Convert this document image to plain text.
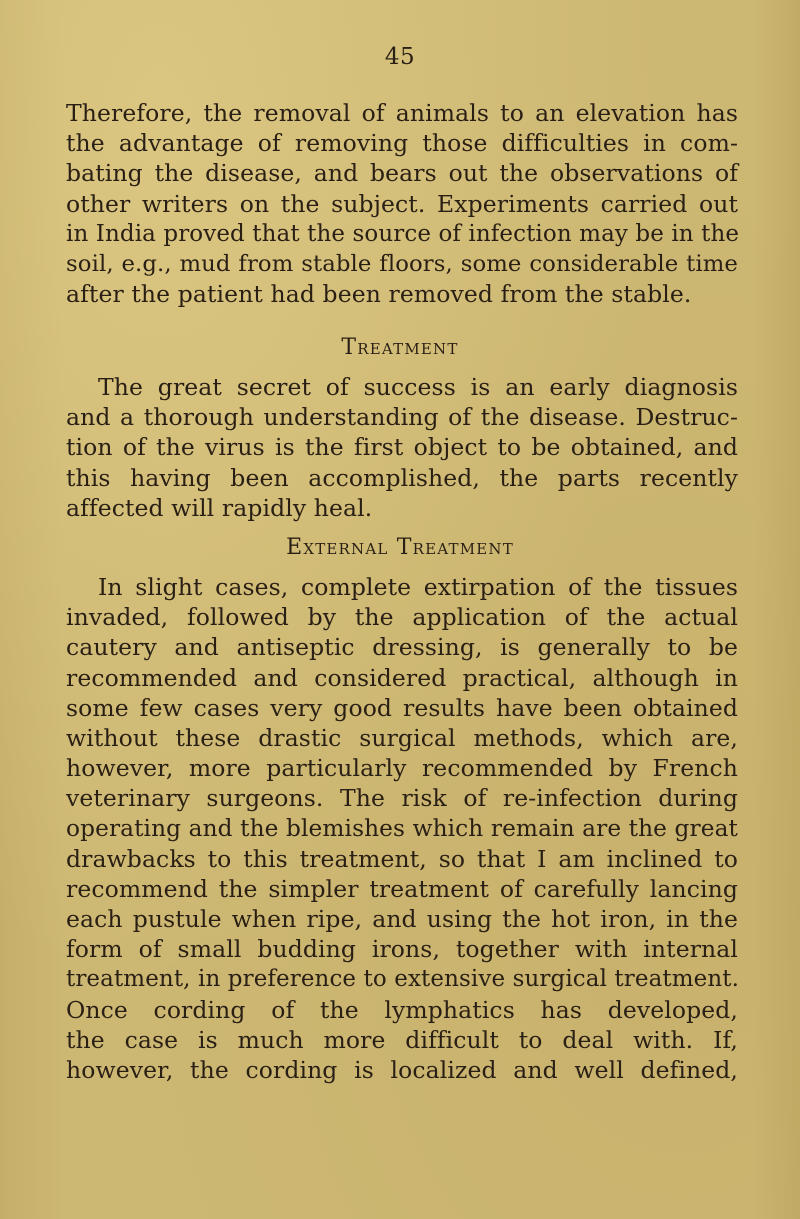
45
Therefore, the removal of animals to an elevation has
the advantage of removing those difficulties in com-
bating the disease, and bears out the observations of
other writers on the subject. Experiments carried out
in India proved that the source of infection may be in the
soil, e.g., mud from stable floors, some considerable time
after the patient had been removed from the stable.
Treatment
The great secret of success is an early diagnosis
and a thorough understanding of the disease. Destruc-
tion of the virus is the first object to be obtained, and
this having been accomplished, the parts recently
affected will rapidly heal.
External Treatment
In slight cases, complete extirpation of the tissues
invaded, followed by the application of the actual
cautery and antiseptic dressing, is generally to be
recommended and considered practical, although in
some few cases very good results have been obtained
without these drastic surgical methods, which are,
however, more particularly recommended by French
veterinary surgeons. The risk of re-infection during
operating and the blemishes which remain are the great
drawbacks to this treatment, so that I am inclined to
recommend the simpler treatment of carefully lancing
each pustule when ripe, and using the hot iron, in the
form of small budding irons, together with internal
treatment, in preference to extensive surgical treatment.
Once cording of the lymphatics has developed,
the case is much more difficult to deal with. If,
however, the cording is localized and well defined,
